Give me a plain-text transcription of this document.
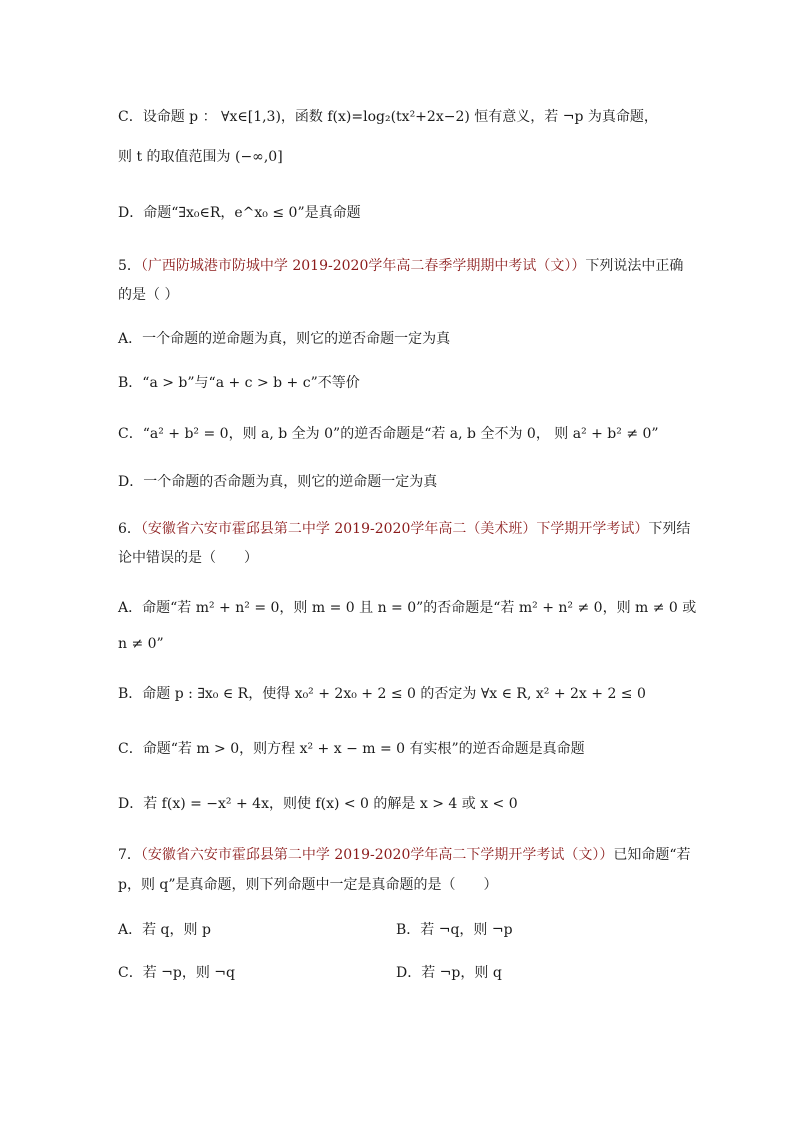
C．设命题 p ： ∀x∈[1,3)，函数 f(x)=log₂(tx²+2x−2) 恒有意义，若 ¬p 为真命题，
则 t 的取值范围为 (−∞,0]
D．命题“∃x₀∈R，e^x₀ ≤ 0”是真命题
5．（广西防城港市防城中学 2019-2020学年高二春季学期期中考试（文））下列说法中正确
的是（ ）
A．一个命题的逆命题为真，则它的逆否命题一定为真
B．“a > b”与“a + c > b + c”不等价
C．“a² + b² = 0，则 a, b 全为 0”的逆否命题是“若 a, b 全不为 0， 则 a² + b² ≠ 0”
D．一个命题的否命题为真，则它的逆命题一定为真
6．（安徽省六安市霍邱县第二中学 2019-2020学年高二（美术班）下学期开学考试）下列结
论中错误的是（　　）
A．命题“若 m² + n² = 0，则 m = 0 且 n = 0”的否命题是“若 m² + n² ≠ 0，则 m ≠ 0 或
n ≠ 0”
B．命题 p : ∃x₀ ∈ R，使得 x₀² + 2x₀ + 2 ≤ 0 的否定为 ∀x ∈ R, x² + 2x + 2 ≤ 0
C．命题“若 m > 0，则方程 x² + x − m = 0 有实根”的逆否命题是真命题
D．若 f(x) = −x² + 4x，则使 f(x) < 0 的解是 x > 4 或 x < 0
7．（安徽省六安市霍邱县第二中学 2019-2020学年高二下学期开学考试（文））已知命题“若
p，则 q”是真命题，则下列命题中一定是真命题的是（　　）
A．若 q，则 p	B．若 ¬q，则 ¬p
C．若 ¬p，则 ¬q	D．若 ¬p，则 q
